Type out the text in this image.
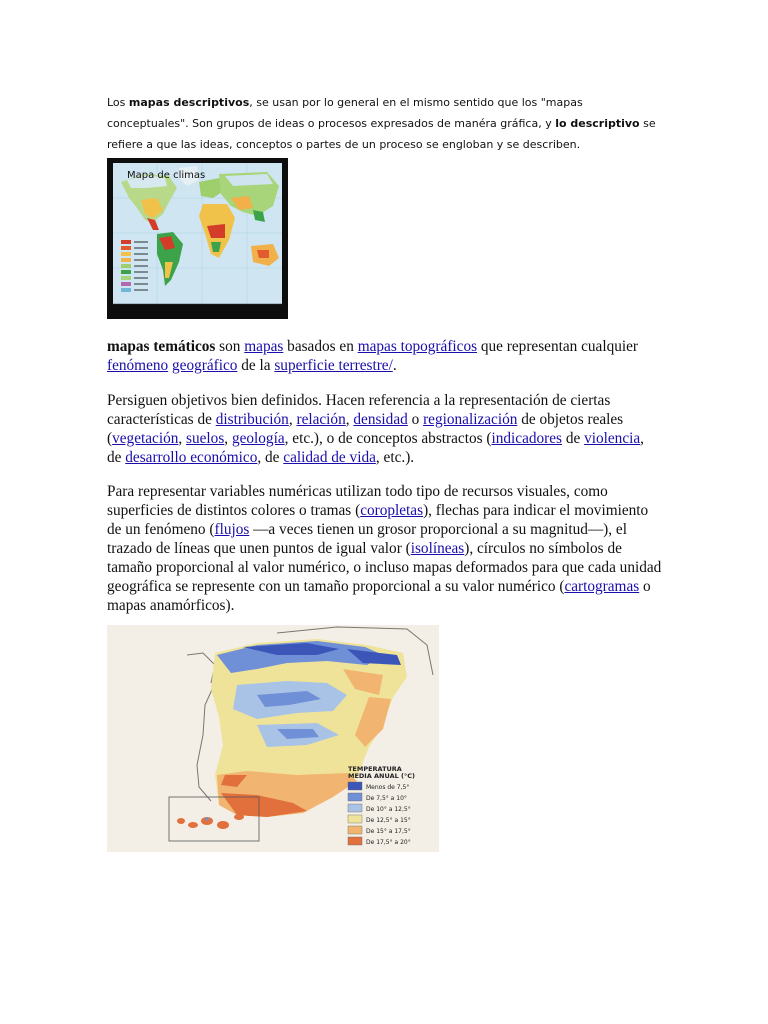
Los mapas descriptivos, se usan por lo general en el mismo sentido que los "mapas conceptuales". Son grupos de ideas o procesos expresados de manéra gráfica, y lo descriptivo se refiere a que las ideas, conceptos o partes de un proceso se engloban y se describen.
Mapa de climas
mapas temáticos son mapas basados en mapas topográficos que representan cualquier fenómeno geográfico de la superficie terrestre/.
Persiguen objetivos bien definidos. Hacen referencia a la representación de ciertas características de distribución, relación, densidad o regionalización de objetos reales (vegetación, suelos, geología, etc.), o de conceptos abstractos (indicadores de violencia, de desarrollo económico, de calidad de vida, etc.).
Para representar variables numéricas utilizan todo tipo de recursos visuales, como superficies de distintos colores o tramas (coropletas), flechas para indicar el movimiento de un fenómeno (flujos —a veces tienen un grosor proporcional a su magnitud—), el trazado de líneas que unen puntos de igual valor (isolíneas), círculos no símbolos de tamaño proporcional al valor numérico, o incluso mapas deformados para que cada unidad geográfica se represente con un tamaño proporcional a su valor numérico (cartogramas o mapas anamórficos).
TEMPERATURA
MEDIA ANUAL (°C)
Menos de 7,5°
De 7,5° a 10°
De 10° a 12,5°
De 12,5° a 15°
De 15° a 17,5°
De 17,5° a 20°
